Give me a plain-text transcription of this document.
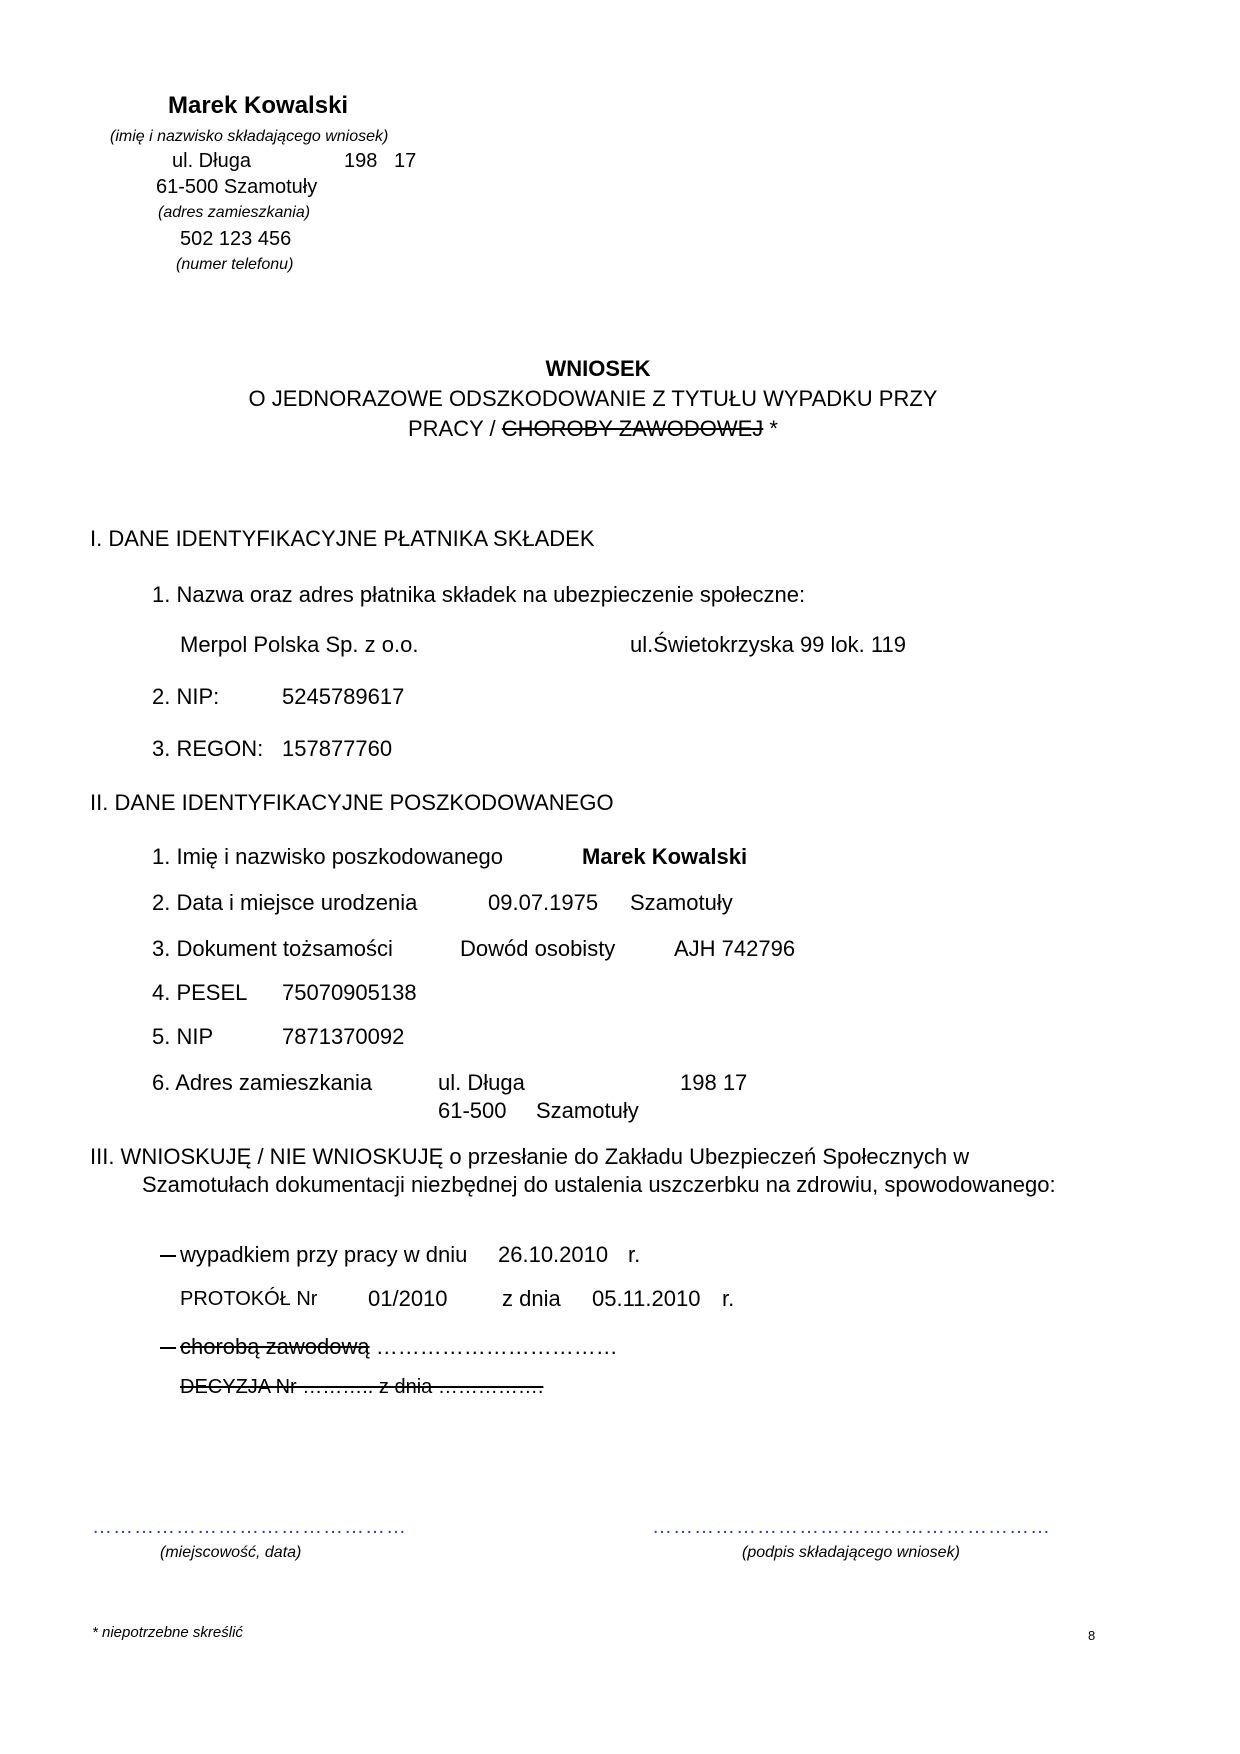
Marek Kowalski
(imię i nazwisko składającego wniosek)
ul. Długa	198 17
61-500 Szamotuły
(adres zamieszkania)
502 123 456
(numer telefonu)
WNIOSEK
O JEDNORAZOWE ODSZKODOWANIE Z TYTUŁU WYPADKU PRZY
PRACY / CHOROBY ZAWODOWEJ *
I. DANE IDENTYFIKACYJNE PŁATNIKA SKŁADEK
1. Nazwa oraz adres płatnika składek na ubezpieczenie społeczne:
Merpol Polska Sp. z o.o.	ul.Świetokrzyska 99 lok. 119
2. NIP:	5245789617
3. REGON: 157877760
II. DANE IDENTYFIKACYJNE POSZKODOWANEGO
1. Imię i nazwisko poszkodowanego	Marek Kowalski
2. Data i miejsce urodzenia	09.07.1975 Szamotuły
3. Dokument tożsamości	Dowód osobisty	AJH 742796
4. PESEL 75070905138
5. NIP	7871370092
6. Adres zamieszkania	ul. Długa	198 17
61-500 Szamotuły
III. WNIOSKUJĘ / NIE WNIOSKUJĘ o przesłanie do Zakładu Ubezpieczeń Społecznych w
Szamotułach dokumentacji niezbędnej do ustalenia uszczerbku na zdrowiu, spowodowanego:
wypadkiem przy pracy w dniu 26.10.2010 r.
PROTOKÓŁ Nr 01/2010 z dnia 05.11.2010 r.
chorobą zawodową ……………………………
DECYZJA Nr ……….. z dnia …………….
………………………………………
(miejscowość, data)
…………………………………………………
(podpis składającego wniosek)
* niepotrzebne skreślić	8
